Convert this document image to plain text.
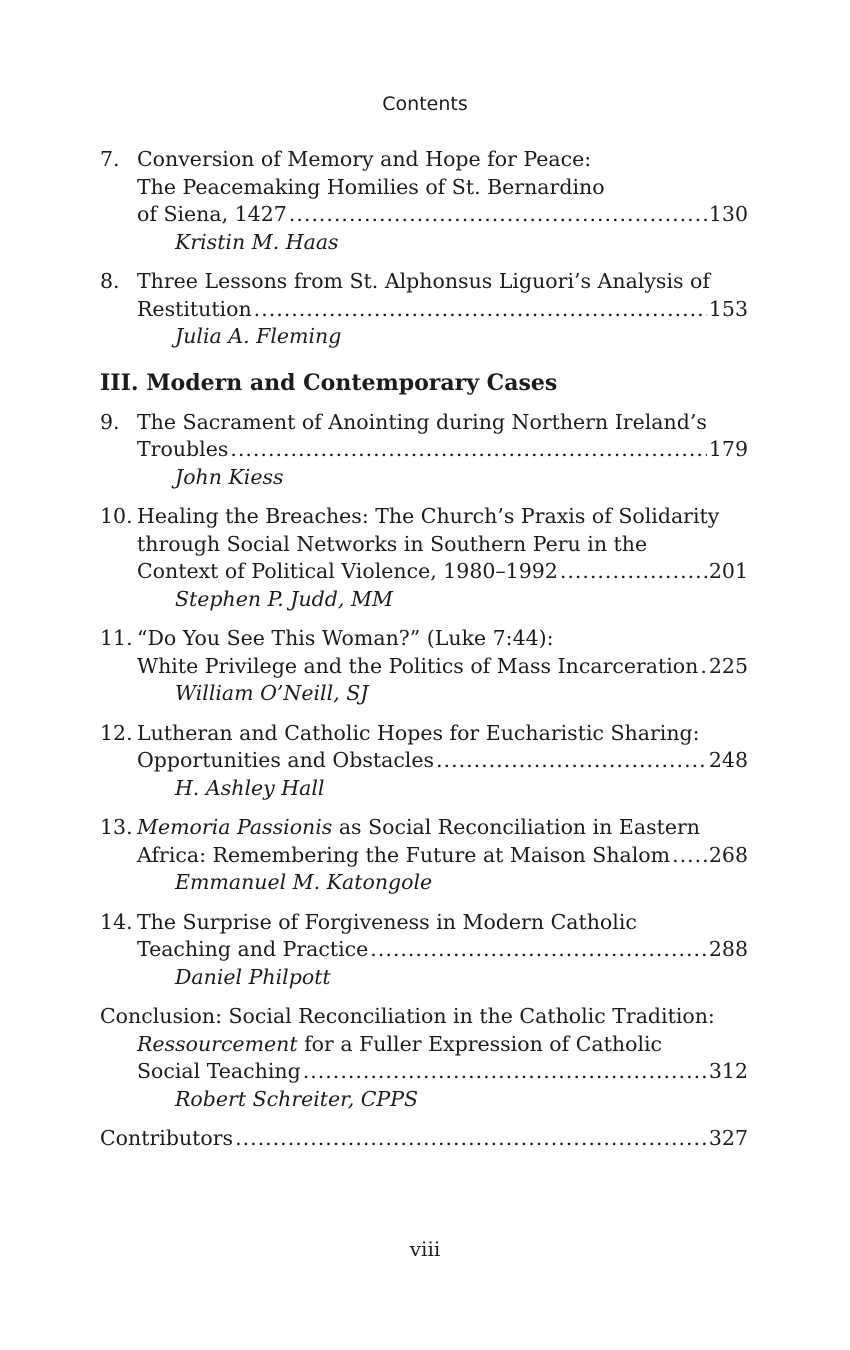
Contents
7. Conversion of Memory and Hope for Peace:
The Peacemaking Homilies of St. Bernardino
of Siena, 1427 .....	130
Kristin M. Haas
8. Three Lessons from St. Alphonsus Liguori’s Analysis of
Restitution .....	153
Julia A. Fleming
III. Modern and Contemporary Cases
9. The Sacrament of Anointing during Northern Ireland’s
Troubles .....	179
John Kiess
10. Healing the Breaches: The Church’s Praxis of Solidarity
through Social Networks in Southern Peru in the
Context of Political Violence, 1980–1992 .....	201
Stephen P. Judd, MM
11. “Do You See This Woman?” (Luke 7:44):
White Privilege and the Politics of Mass Incarceration ..... 225
William O’Neill, SJ
12. Lutheran and Catholic Hopes for Eucharistic Sharing:
Opportunities and Obstacles .....	248
H. Ashley Hall
13. Memoria Passionis as Social Reconciliation in Eastern
Africa: Remembering the Future at Maison Shalom ..... 268
Emmanuel M. Katongole
14. The Surprise of Forgiveness in Modern Catholic
Teaching and Practice .....	288
Daniel Philpott
Conclusion: Social Reconciliation in the Catholic Tradition:
Ressourcement for a Fuller Expression of Catholic
Social Teaching .....	312
Robert Schreiter, CPPS
Contributors .....	327
viii
